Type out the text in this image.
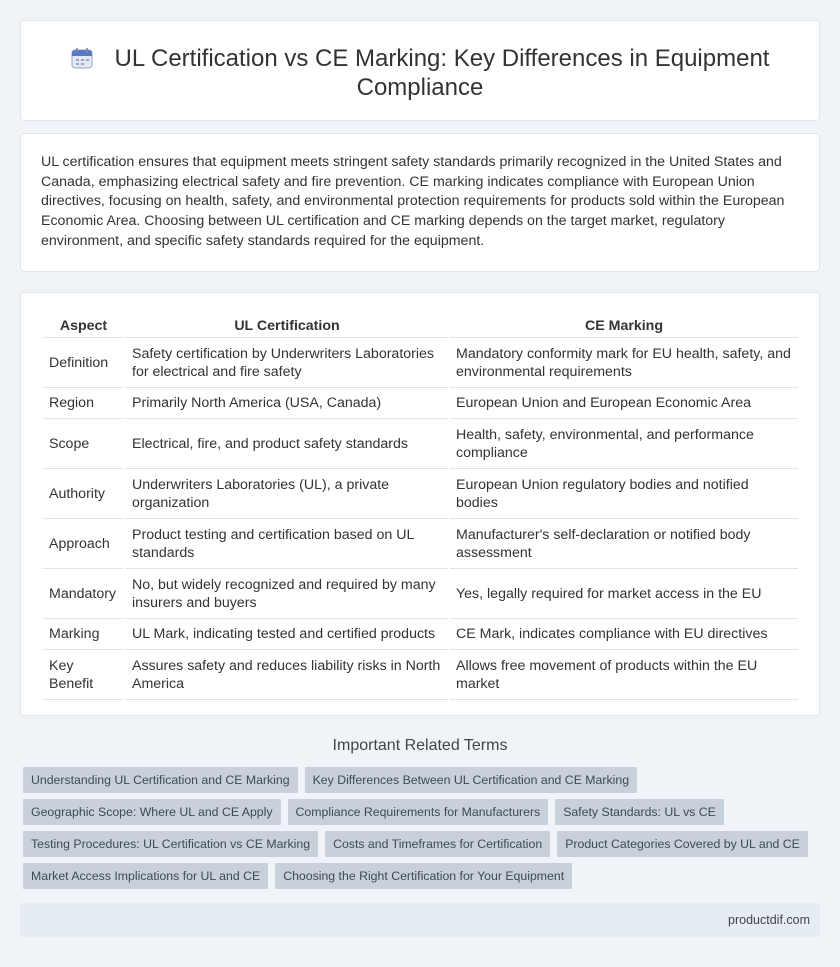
UL Certification vs CE Marking: Key Differences in Equipment Compliance

UL certification ensures that equipment meets stringent safety standards primarily recognized in the United States and Canada, emphasizing electrical safety and fire prevention. CE marking indicates compliance with European Union directives, focusing on health, safety, and environmental protection requirements for products sold within the European Economic Area. Choosing between UL certification and CE marking depends on the target market, regulatory environment, and specific safety standards required for the equipment.

Aspect	UL Certification	CE Marking
Definition	Safety certification by Underwriters Laboratories for electrical and fire safety	Mandatory conformity mark for EU health, safety, and environmental requirements
Region	Primarily North America (USA, Canada)	European Union and European Economic Area
Scope	Electrical, fire, and product safety standards	Health, safety, environmental, and performance compliance
Authority	Underwriters Laboratories (UL), a private organization	European Union regulatory bodies and notified bodies
Approach	Product testing and certification based on UL standards	Manufacturer's self-declaration or notified body assessment
Mandatory	No, but widely recognized and required by many insurers and buyers	Yes, legally required for market access in the EU
Marking	UL Mark, indicating tested and certified products	CE Mark, indicates compliance with EU directives
Key Benefit	Assures safety and reduces liability risks in North America	Allows free movement of products within the EU market
Important Related Terms
Understanding UL Certification and CE Marking	Key Differences Between UL Certification and CE Marking
Geographic Scope: Where UL and CE Apply	Compliance Requirements for Manufacturers	Safety Standards: UL vs CE
Testing Procedures: UL Certification vs CE Marking	Costs and Timeframes for Certification	Product Categories Covered by UL and CE
Market Access Implications for UL and CE	Choosing the Right Certification for Your Equipment
productdif.com
